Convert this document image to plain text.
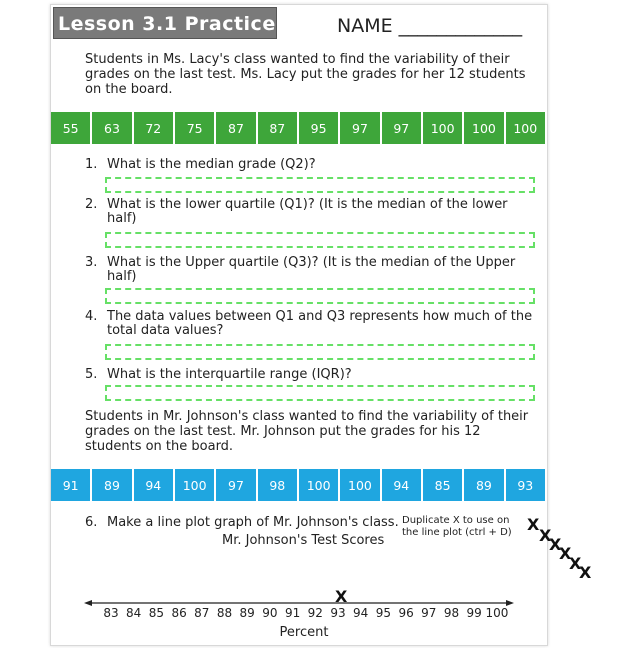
Lesson 3.1 Practice	NAME _____________
Students in Ms. Lacy's class wanted to find the variability of their grades on the last test. Ms. Lacy put the grades for her 12 students on the board.
55	63	72	75	87	87	95	97	97	100	100	100
1. What is the median grade (Q2)?
2. What is the lower quartile (Q1)? (It is the median of the lower half)
3. What is the Upper quartile (Q3)? (It is the median of the Upper half)
4. The data values between Q1 and Q3 represents how much of the total data values?
5. What is the interquartile range (IQR)?
Students in Mr. Johnson's class wanted to find the variability of their grades on the last test. Mr. Johnson put the grades for his 12 students on the board.
91	89	94	100	97	98	100	100	94	85	89	93
6. Make a line plot graph of Mr. Johnson's class.
Mr. Johnson's Test Scores
Duplicate X to use on the line plot (ctrl + D) X
X
X
X
X
X
X
83 84 85 86 87 88 89 90 91 92 93 94 95 96 97 98 99 100
Percent
